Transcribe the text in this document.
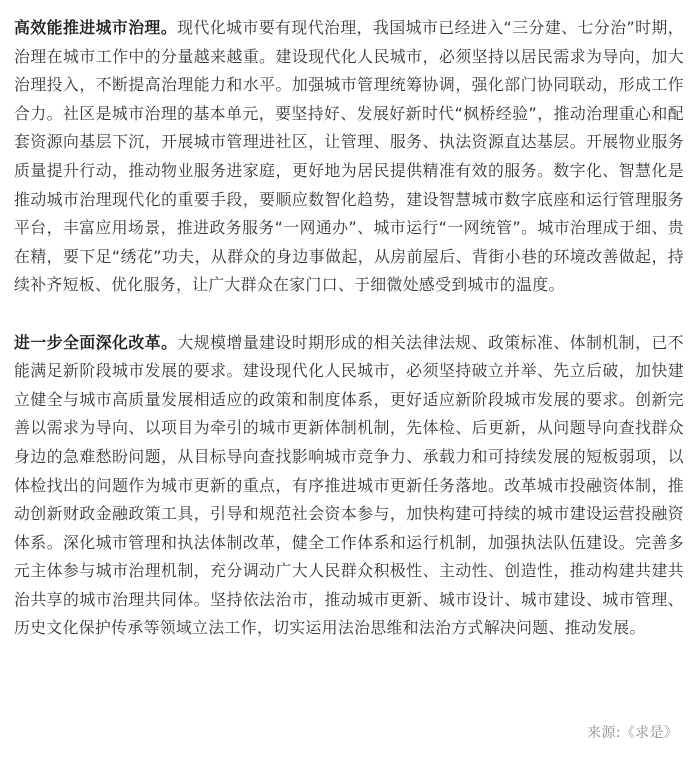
高效能推进城市治理。现代化城市要有现代治理，我国城市已经进入“三分建、七分治”时期，治理在城市工作中的分量越来越重。建设现代化人民城市，必须坚持以居民需求为导向，加大治理投入，不断提高治理能力和水平。加强城市管理统筹协调，强化部门协同联动，形成工作合力。社区是城市治理的基本单元，要坚持好、发展好新时代“枫桥经验”，推动治理重心和配套资源向基层下沉，开展城市管理进社区，让管理、服务、执法资源直达基层。开展物业服务质量提升行动，推动物业服务进家庭，更好地为居民提供精准有效的服务。数字化、智慧化是推动城市治理现代化的重要手段，要顺应数智化趋势，建设智慧城市数字底座和运行管理服务平台，丰富应用场景，推进政务服务“一网通办”、城市运行“一网统管”。城市治理成于细、贵在精，要下足“绣花”功夫，从群众的身边事做起，从房前屋后、背街小巷的环境改善做起，持续补齐短板、优化服务，让广大群众在家门口、于细微处感受到城市的温度。

进一步全面深化改革。大规模增量建设时期形成的相关法律法规、政策标准、体制机制，已不能满足新阶段城市发展的要求。建设现代化人民城市，必须坚持破立并举、先立后破，加快建立健全与城市高质量发展相适应的政策和制度体系，更好适应新阶段城市发展的要求。创新完善以需求为导向、以项目为牵引的城市更新体制机制，先体检、后更新，从问题导向查找群众身边的急难愁盼问题，从目标导向查找影响城市竞争力、承载力和可持续发展的短板弱项，以体检找出的问题作为城市更新的重点，有序推进城市更新任务落地。改革城市投融资体制，推动创新财政金融政策工具，引导和规范社会资本参与，加快构建可持续的城市建设运营投融资体系。深化城市管理和执法体制改革，健全工作体系和运行机制，加强执法队伍建设。完善多元主体参与城市治理机制，充分调动广大人民群众积极性、主动性、创造性，推动构建共建共治共享的城市治理共同体。坚持依法治市，推动城市更新、城市设计、城市建设、城市管理、历史文化保护传承等领域立法工作，切实运用法治思维和法治方式解决问题、推动发展。

来源:《求是》
